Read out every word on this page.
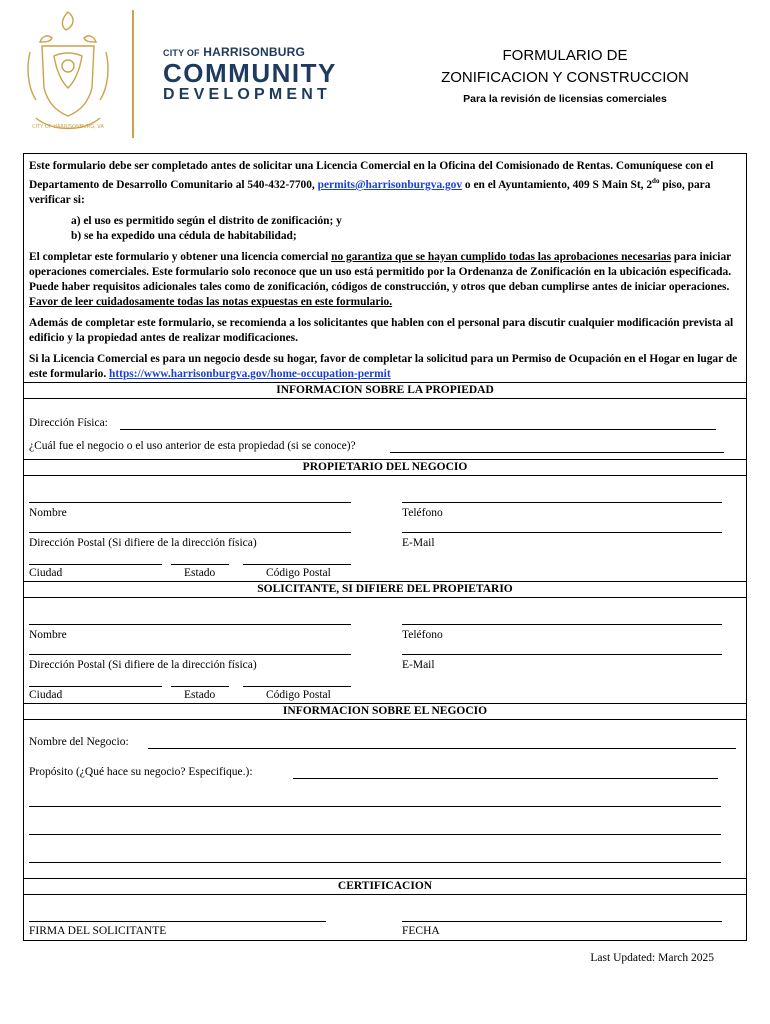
CITY OF HARRISONBURG, VA
CITY OF HARRISONBURG
COMMUNITY
DEVELOPMENT
FORMULARIO DE
ZONIFICACION Y CONSTRUCCION
Para la revisión de licensias comerciales

Este formulario debe ser completado antes de solicitar una Licencia Comercial en la Oficina del Comisionado de Rentas. Comuníquese con el Departamento de Desarrollo Comunitario al 540-432-7700, permits@harrisonburgva.gov o en el Ayuntamiento, 409 S Main St, $2^{do}$ piso, para verificar si:

a) el uso es permitido según el distrito de zonificación; y
b) se ha expedido una cédula de habitabilidad;

El completar este formulario y obtener una licencia comercial no garantiza que se hayan cumplido todas las aprobaciones necesarias para iniciar operaciones comerciales. Este formulario solo reconoce que un uso está permitido por la Ordenanza de Zonificación en la ubicación especificada. Puede haber requisitos adicionales tales como de zonificación, códigos de construcción, y otros que deban cumplirse antes de iniciar operaciones. Favor de leer cuidadosamente todas las notas expuestas en este formulario.

Además de completar este formulario, se recomienda a los solicitantes que hablen con el personal para discutir cualquier modificación prevista al edificio y la propiedad antes de realizar modificaciones.

Si la Licencia Comercial es para un negocio desde su hogar, favor de completar la solicitud para un Permiso de Ocupación en el Hogar en lugar de este formulario. https://www.harrisonburgva.gov/home-occupation-permit

INFORMACION SOBRE LA PROPIEDAD
Dirección Física:
¿Cuál fue el negocio o el uso anterior de esta propiedad (si se conoce)?
PROPIETARIO DEL NEGOCIO
Nombre	Teléfono
Dirección Postal (Si difiere de la dirección física)	E-Mail
Ciudad	Estado	Código Postal
SOLICITANTE, SI DIFIERE DEL PROPIETARIO
Nombre	Teléfono
Dirección Postal (Si difiere de la dirección física)	E-Mail
Ciudad	Estado	Código Postal
INFORMACION SOBRE EL NEGOCIO
Nombre del Negocio:
Propósito (¿Qué hace su negocio? Especifique.):
CERTIFICACION
FIRMA DEL SOLICITANTE	FECHA
Last Updated: March 2025
